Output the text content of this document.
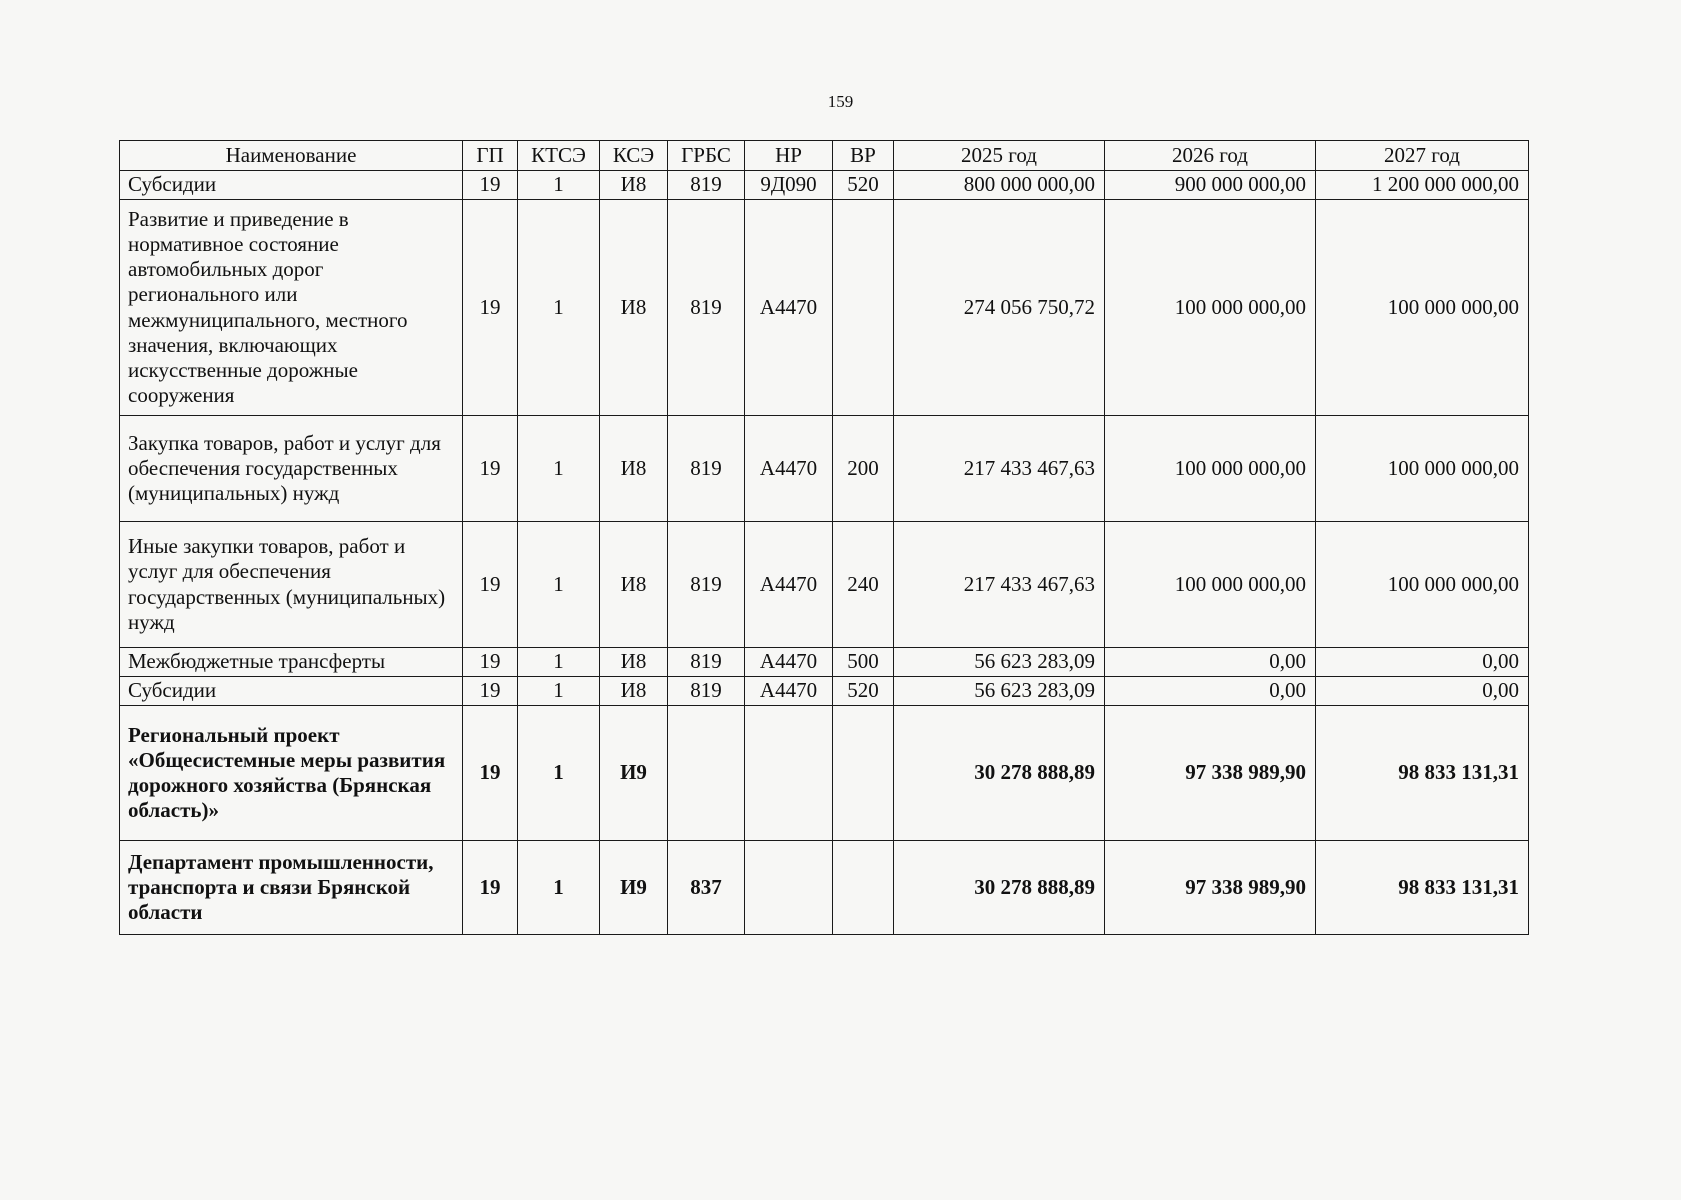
159
Наименование	ГП	КТСЭ	КСЭ	ГРБС	НР	ВР	2025 год	2026 год	2027 год
Субсидии	19	1	И8	819	9Д090	520	800 000 000,00	900 000 000,00	1 200 000 000,00
Развитие и приведение в нормативное состояние автомобильных дорог регионального или межмуниципального, местного значения, включающих искусственные дорожные сооружения	19	1	И8	819	А4470		274 056 750,72	100 000 000,00	100 000 000,00
Закупка товаров, работ и услуг для обеспечения государственных (муниципальных) нужд	19	1	И8	819	А4470	200	217 433 467,63	100 000 000,00	100 000 000,00
Иные закупки товаров, работ и услуг для обеспечения государственных (муниципальных) нужд	19	1	И8	819	А4470	240	217 433 467,63	100 000 000,00	100 000 000,00
Межбюджетные трансферты	19	1	И8	819	А4470	500	56 623 283,09	0,00	0,00
Субсидии	19	1	И8	819	А4470	520	56 623 283,09	0,00	0,00
Региональный проект «Общесистемные меры развития дорожного хозяйства (Брянская область)»	19	1	И9				30 278 888,89	97 338 989,90	98 833 131,31
Департамент промышленности, транспорта и связи Брянской области	19	1	И9	837			30 278 888,89	97 338 989,90	98 833 131,31
